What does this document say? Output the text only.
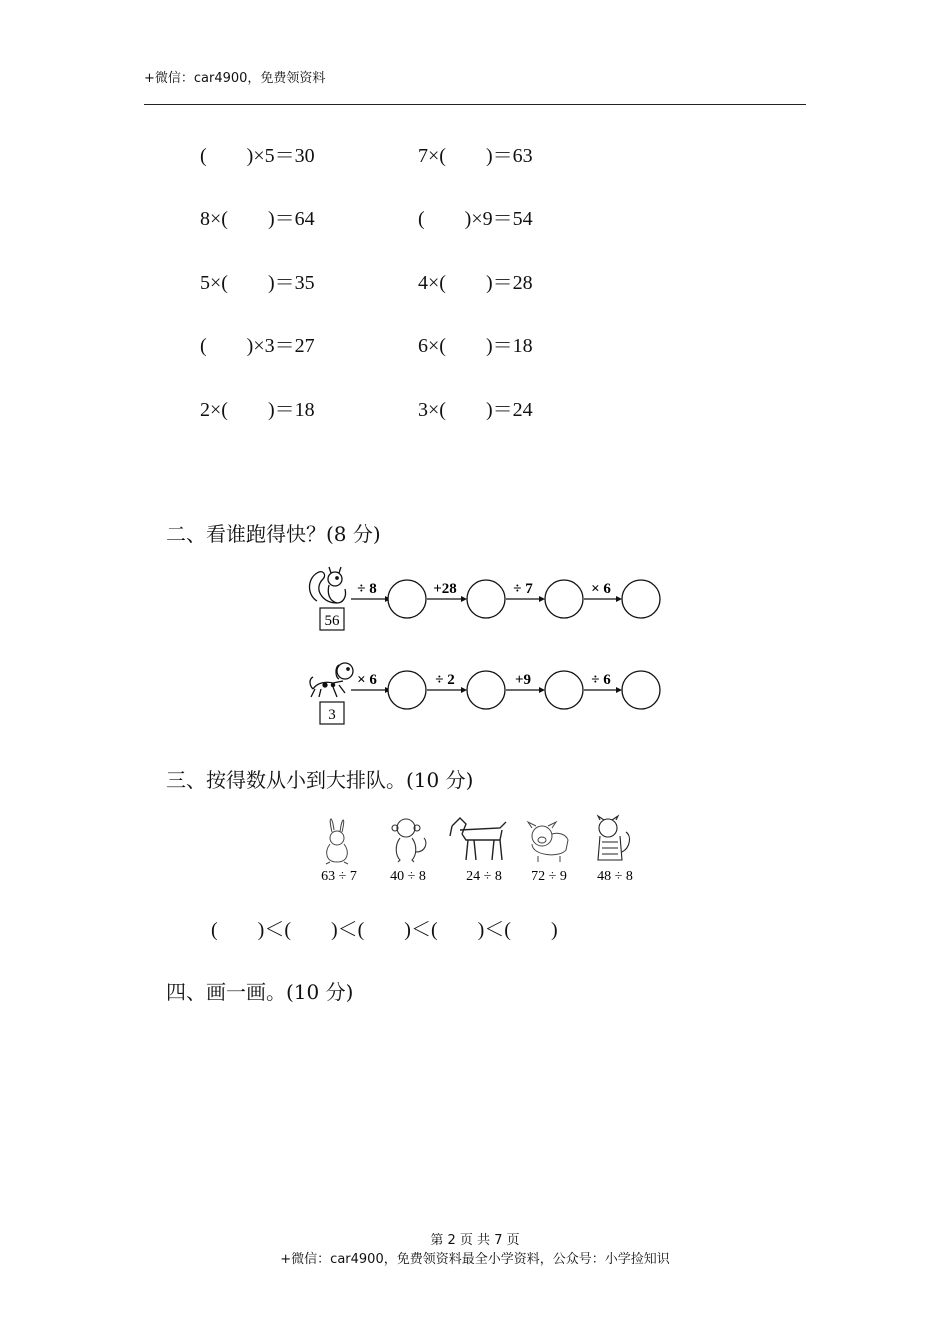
+微信：car4900，免费领资料
(  )×5＝30	7×(  )＝63
8×(  )＝64	(  )×9＝54
5×(  )＝35	4×(  )＝28
(  )×3＝27	6×(  )＝18
2×(  )＝18	3×(  )＝24
二、看谁跑得快？(8 分)
56
÷ 8	+28	÷ 7	× 6
3
× 6	÷ 2	+9	÷ 6
三、按得数从小到大排队。(10 分)
63 ÷ 7 40 ÷ 8	24 ÷ 8 72 ÷ 9 48 ÷ 8
(  )＜(  )＜(  )＜(  )＜(  )
四、画一画。(10 分)
第 2 页 共 7 页
+微信：car4900，免费领资料最全小学资料，公众号：小学捡知识
